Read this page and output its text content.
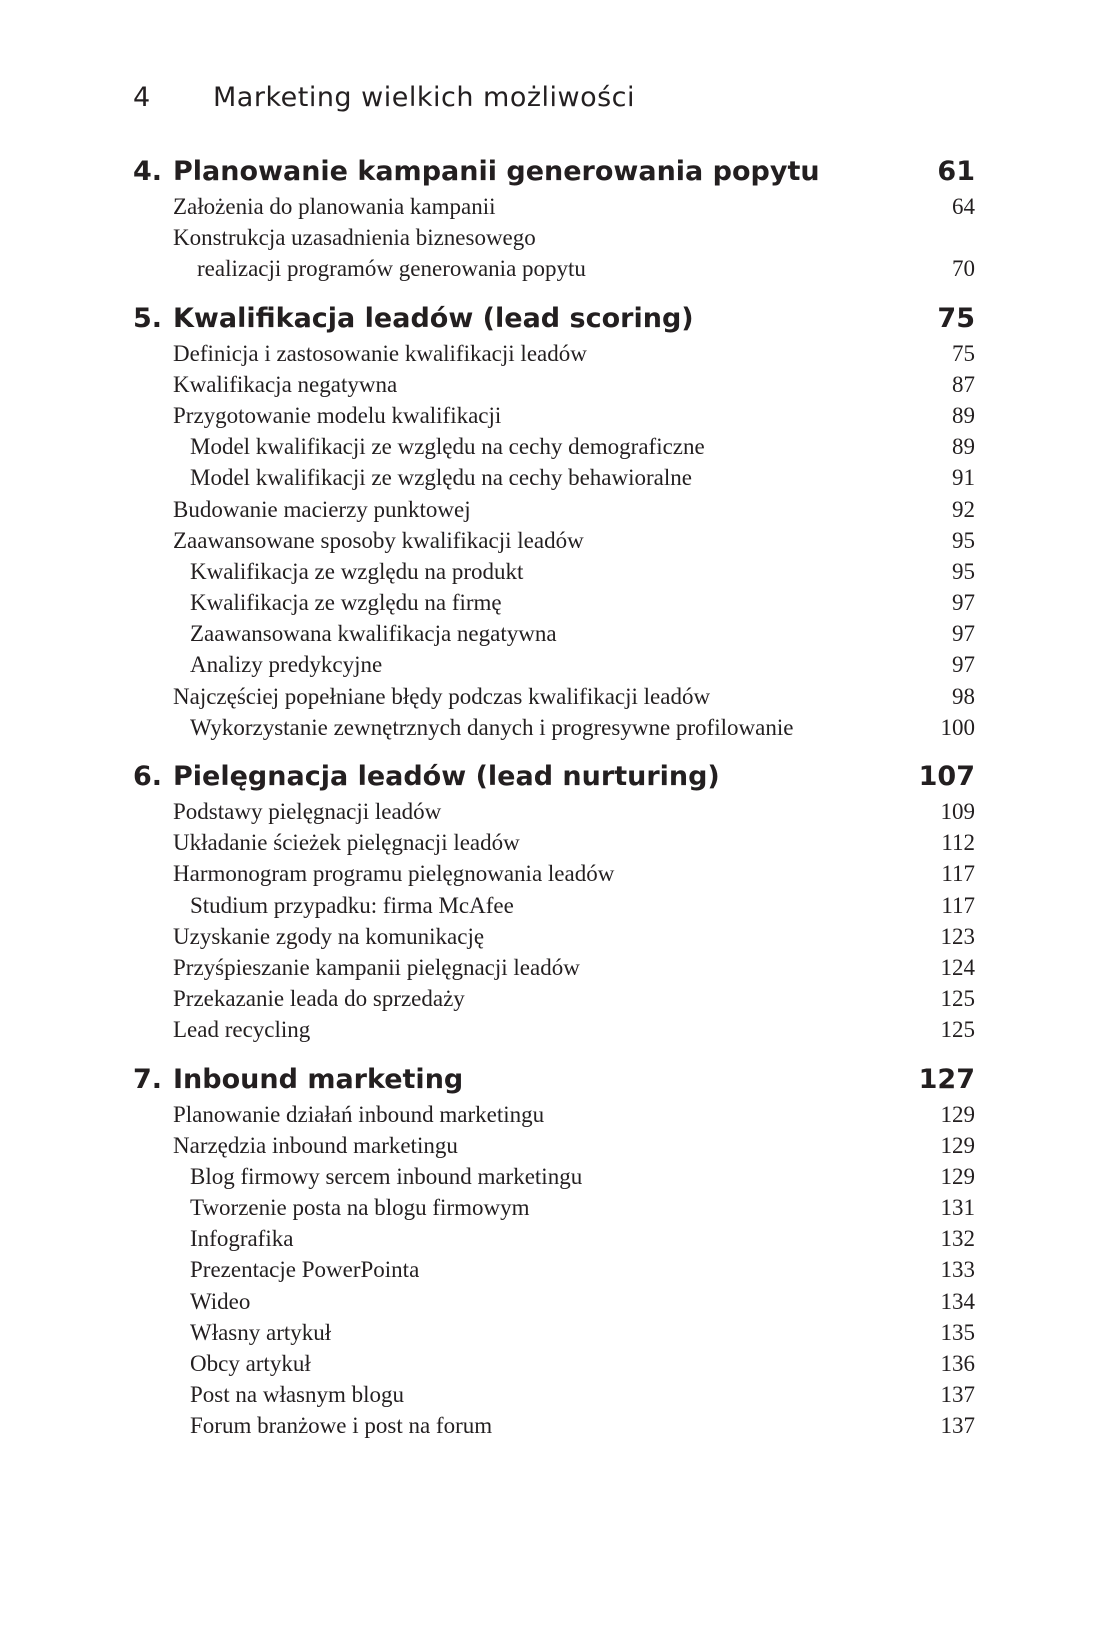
4 Marketing wielkich możliwości
4. Planowanie kampanii generowania popytu	61
Założenia do planowania kampanii	64
Konstrukcja uzasadnienia biznesowego
realizacji programów generowania popytu	70
5. Kwalifikacja leadów (lead scoring)	75
Definicja i zastosowanie kwalifikacji leadów	75
Kwalifikacja negatywna	87
Przygotowanie modelu kwalifikacji	89
Model kwalifikacji ze względu na cechy demograficzne	89
Model kwalifikacji ze względu na cechy behawioralne	91
Budowanie macierzy punktowej	92
Zaawansowane sposoby kwalifikacji leadów	95
Kwalifikacja ze względu na produkt	95
Kwalifikacja ze względu na firmę	97
Zaawansowana kwalifikacja negatywna	97
Analizy predykcyjne	97
Najczęściej popełniane błędy podczas kwalifikacji leadów	98
Wykorzystanie zewnętrznych danych i progresywne profilowanie	100
6. Pielęgnacja leadów (lead nurturing)	107
Podstawy pielęgnacji leadów	109
Układanie ścieżek pielęgnacji leadów	112
Harmonogram programu pielęgnowania leadów	117
Studium przypadku: firma McAfee	117
Uzyskanie zgody na komunikację	123
Przyśpieszanie kampanii pielęgnacji leadów	124
Przekazanie leada do sprzedaży	125
Lead recycling	125
7. Inbound marketing	127
Planowanie działań inbound marketingu	129
Narzędzia inbound marketingu	129
Blog firmowy sercem inbound marketingu	129
Tworzenie posta na blogu firmowym	131
Infografika	132
Prezentacje PowerPointa	133
Wideo	134
Własny artykuł	135
Obcy artykuł	136
Post na własnym blogu	137
Forum branżowe i post na forum	137
